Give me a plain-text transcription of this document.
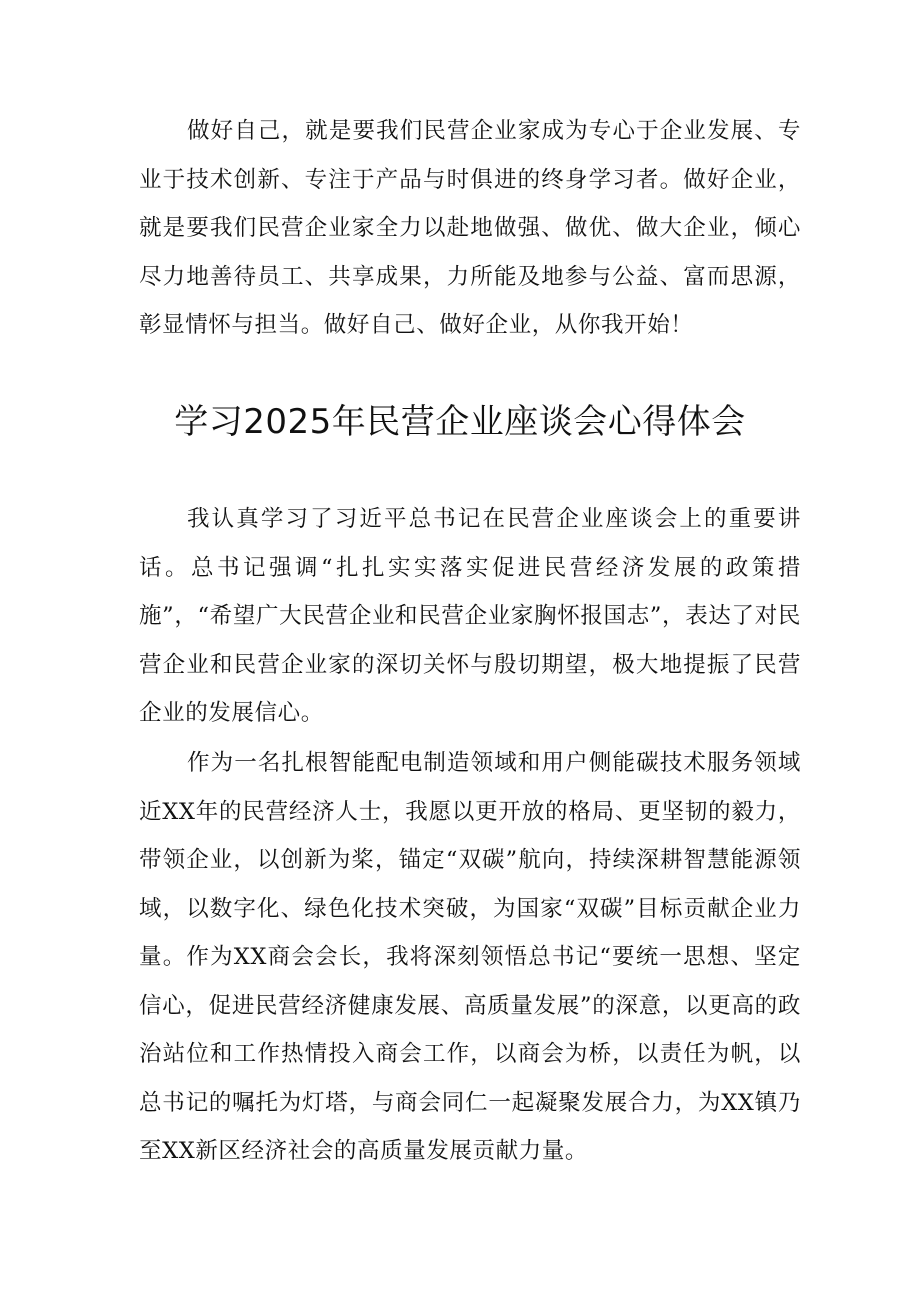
做好自己，就是要我们民营企业家成为专心于企业发展、专业于技术创新、专注于产品与时俱进的终身学习者。做好企业，就是要我们民营企业家全力以赴地做强、做优、做大企业，倾心尽力地善待员工、共享成果，力所能及地参与公益、富而思源，彰显情怀与担当。做好自己、做好企业，从你我开始！

学习2025年民营企业座谈会心得体会

我认真学习了习近平总书记在民营企业座谈会上的重要讲话。总书记强调“扎扎实实落实促进民营经济发展的政策措施”，“希望广大民营企业和民营企业家胸怀报国志”，表达了对民营企业和民营企业家的深切关怀与殷切期望，极大地提振了民营企业的发展信心。

作为一名扎根智能配电制造领域和用户侧能碳技术服务领域近XX年的民营经济人士，我愿以更开放的格局、更坚韧的毅力，带领企业，以创新为桨，锚定“双碳”航向，持续深耕智慧能源领域，以数字化、绿色化技术突破，为国家“双碳”目标贡献企业力量。作为XX商会会长，我将深刻领悟总书记“要统一思想、坚定信心，促进民营经济健康发展、高质量发展”的深意，以更高的政治站位和工作热情投入商会工作，以商会为桥，以责任为帆，以总书记的嘱托为灯塔，与商会同仁一起凝聚发展合力，为XX镇乃至XX新区经济社会的高质量发展贡献力量。
